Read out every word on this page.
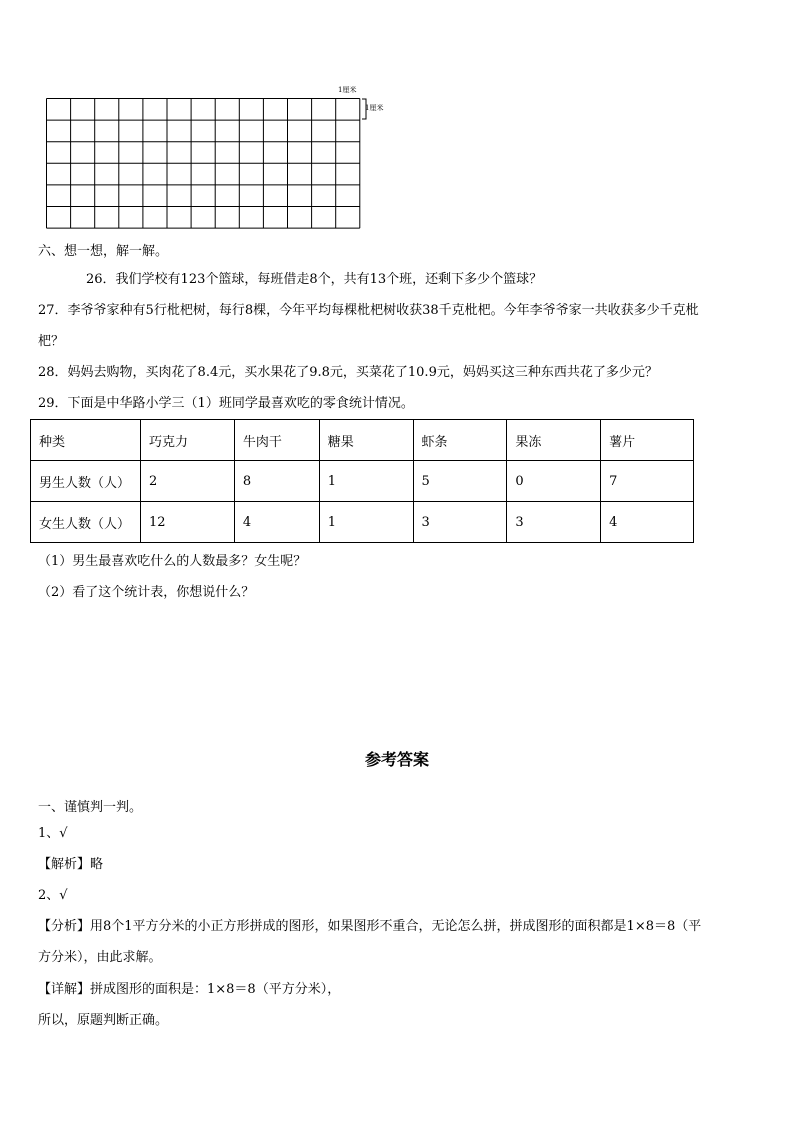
1厘米
1厘米
六、想一想，解一解。
26．我们学校有123个篮球，每班借走8个，共有13个班，还剩下多少个篮球？
27．李爷爷家种有5行枇杷树，每行8棵，今年平均每棵枇杷树收获38千克枇杷。今年李爷爷家一共收获多少千克枇
杷？
28．妈妈去购物，买肉花了8.4元，买水果花了9.8元，买菜花了10.9元，妈妈买这三种东西共花了多少元？
29．下面是中华路小学三（1）班同学最喜欢吃的零食统计情况。
种类	巧克力	牛肉干	糖果	虾条	果冻	薯片
男生人数（人）	2	8	1	5	0	7
女生人数（人）	12	4	1	3	3	4
（1）男生最喜欢吃什么的人数最多？女生呢？
（2）看了这个统计表，你想说什么？
参考答案
一、谨慎判一判。
1、√
【解析】略
2、√
【分析】用8个1平方分米的小正方形拼成的图形，如果图形不重合，无论怎么拼，拼成图形的面积都是1×8＝8（平
方分米），由此求解。
【详解】拼成图形的面积是：1×8＝8（平方分米），
所以，原题判断正确。
